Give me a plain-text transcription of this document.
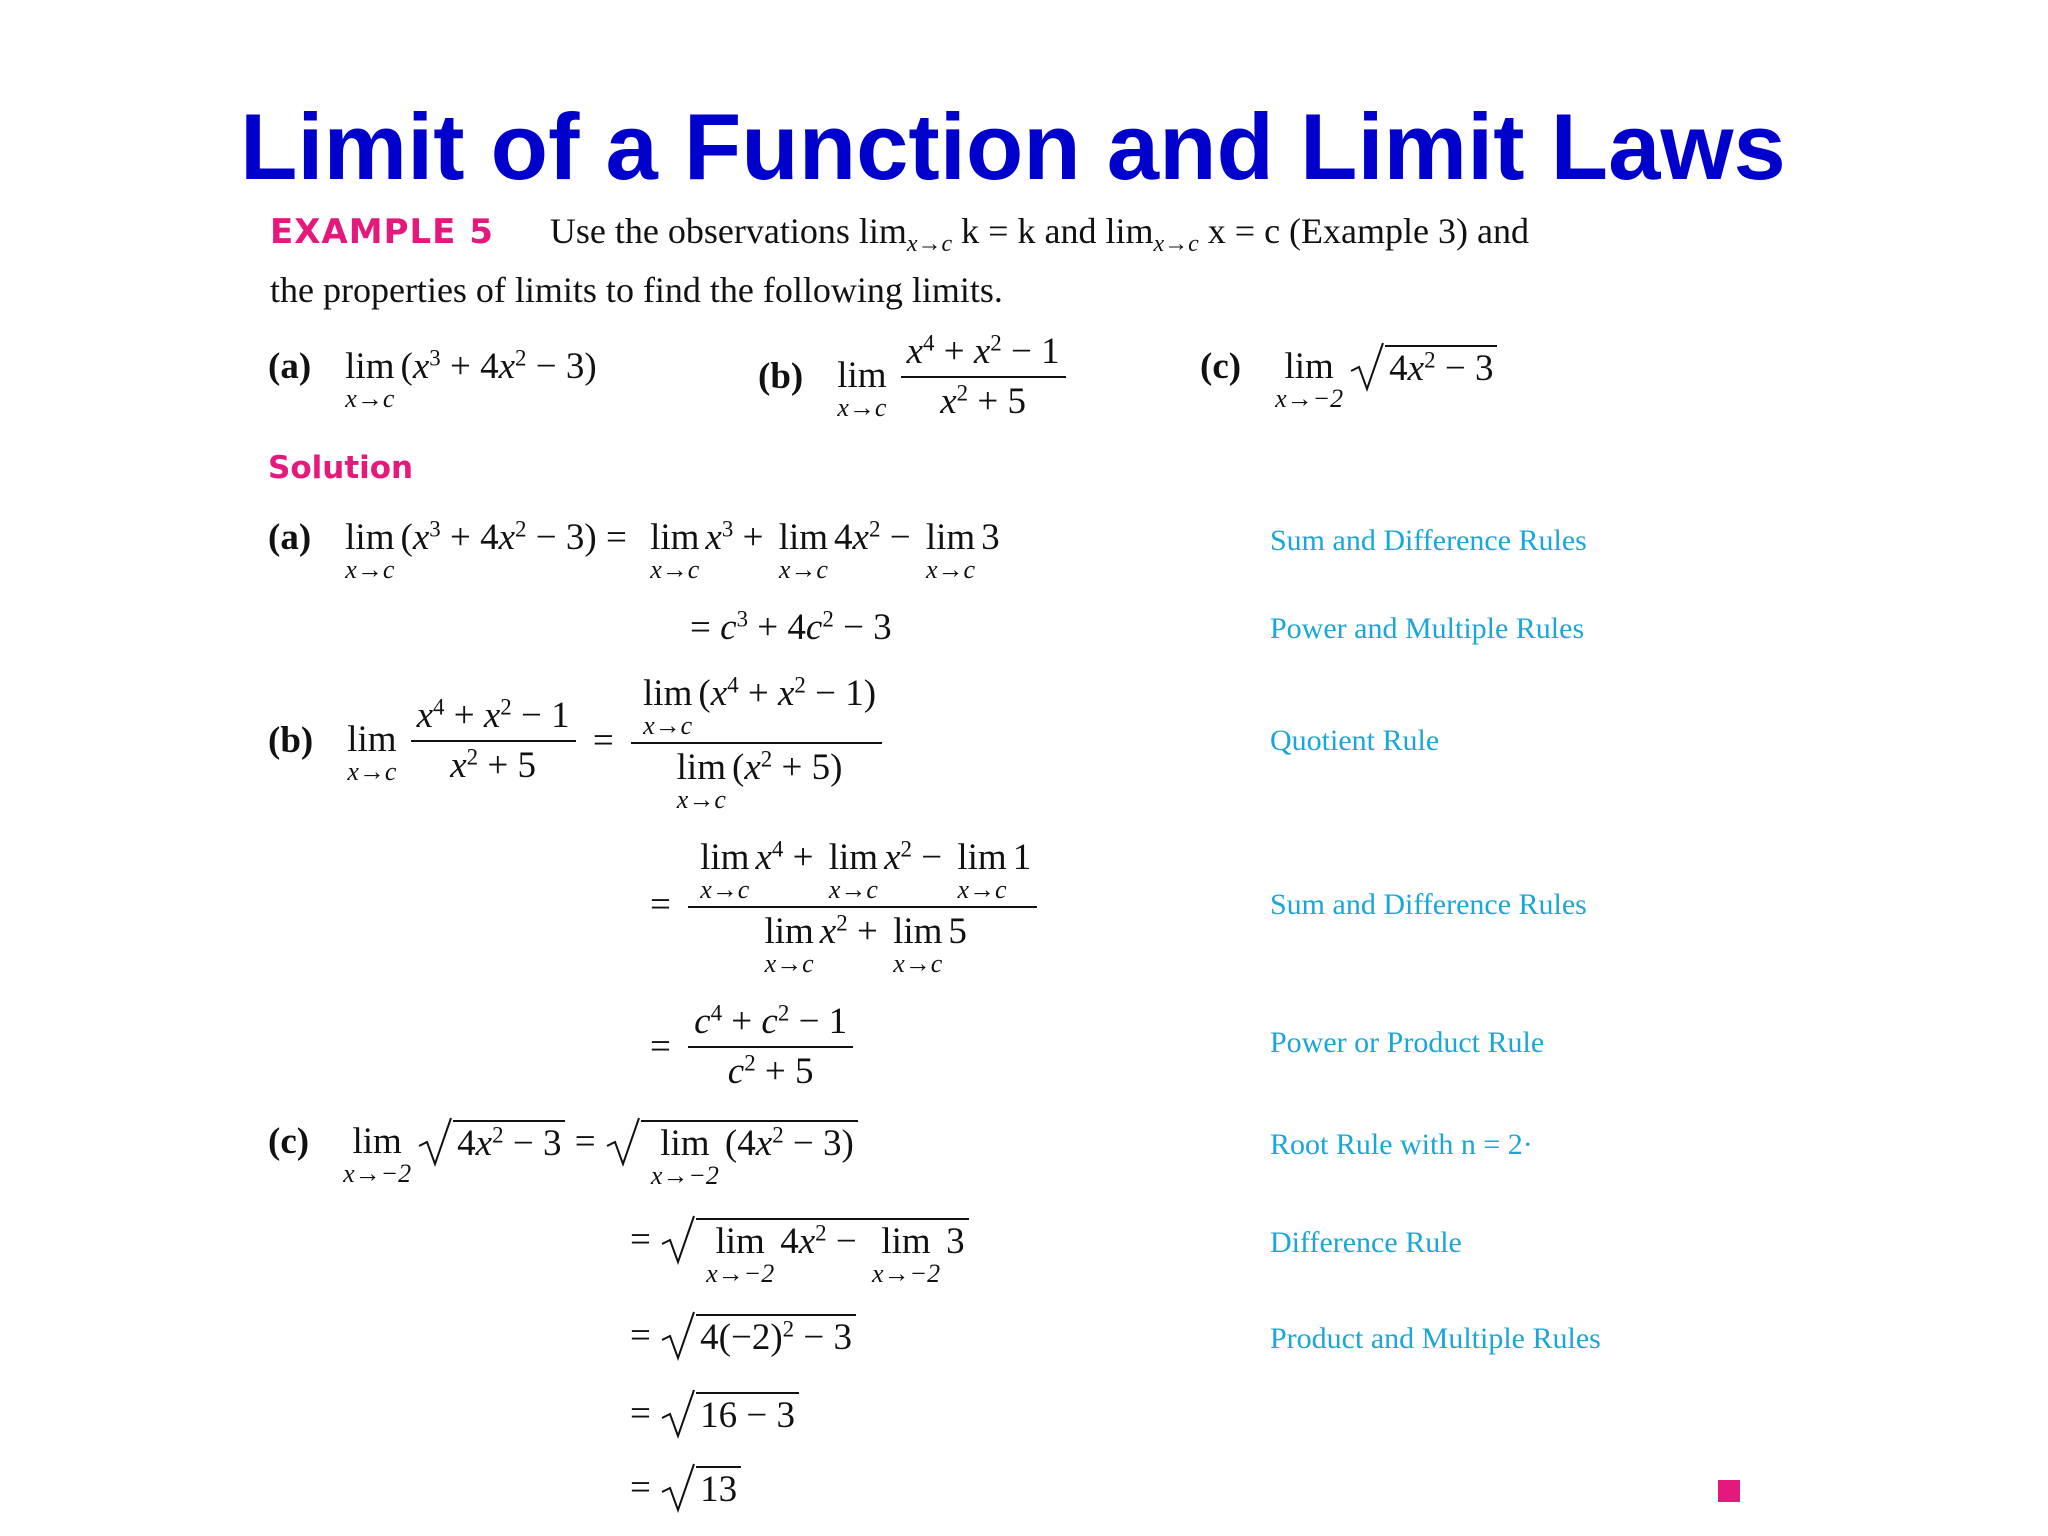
Limit of a Function and Limit Laws
EXAMPLE 5 Use the observations $\lim_{x\to c} k = k$ and $\lim_{x\to c} x = c$ (Example 3) and
the properties of limits to find the following limits.
(a) lim
x→c
$(x^3 + 4x^2 - 3)$	(b) lim
$x\to c \frac{x^4 + x^2 - 1}{x^2 + 5}$	(c) lim
x→−2
$4x^2 - 3$
Solution
(a) lim
x→c
$(x^3 + 4x^2 - 3) = \lim$
x→c
$x^3 + \lim$
x→c
$4x^2 - \lim$
x→c
3	Sum and Difference Rules
= $c^3 + 4c^2 - 3$	Power and Multiple Rules
(b) lim
$x\to c \frac{x^4 + x^2 - 1}{x^2 + 5} = \lim$
x→c
$(x^4 + x^2 - 1)$
lim
x→c
$(x^2 + 5)$	Quotient Rule
= lim
x→c
$x^4 + \lim$
x→c
$x^2 - \lim$
x→c
1
lim
x→c
$x^2 + \lim$
x→c
5	Sum and Difference Rules
= $\frac{c^4 + c^2 - 1}{c^2 + 5}$	Power or Product Rule
(c) lim
x→−2
$4x^2 - 3$ =
lim
x→−2
$(4x^2 - 3)$	Root Rule with n = 2·
=
lim
x→−2
$4x^2 - \lim$
x→−2
3	Difference Rule
=
$4(-2)^2 - 3$	Product and Multiple Rules
=
16 − 3
=
13
